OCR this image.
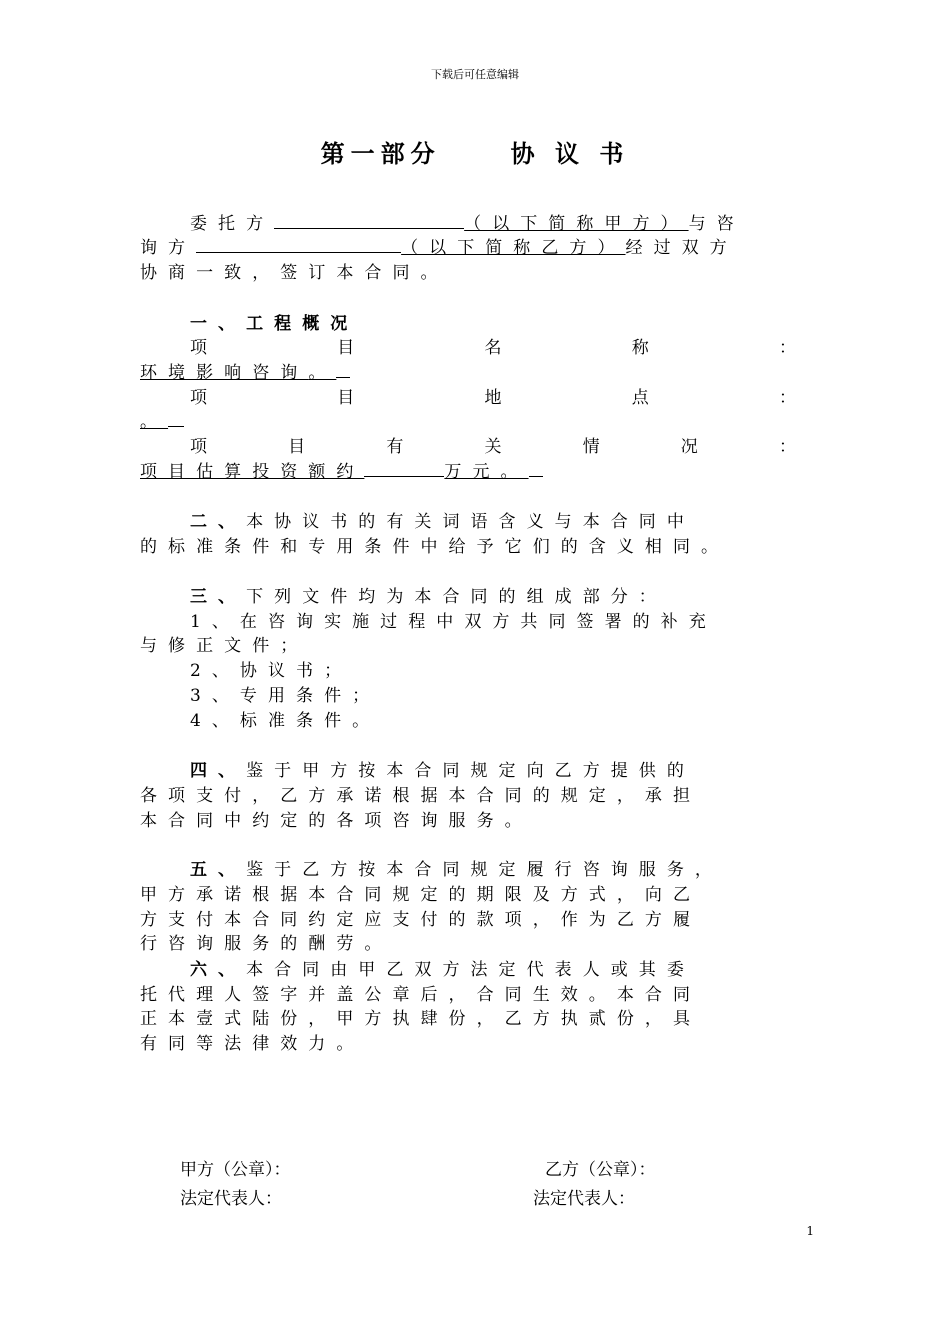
下载后可任意编辑
第一部分	协 议 书
委托方	（以下简称甲方）与咨
询方	（以下简称乙方）经过双方
协商一致，签订本合同。
一、工程概况
项	目	名	称	：
环境影响咨询。
项	目	地	点	：
。
项	目	有	关	情	况	：
项目估算投资额约	万元。
二、本协议书的有关词语含义与本合同中
的标准条件和专用条件中给予它们的含义相同。
三、下列文件均为本合同的组成部分：
1、在咨询实施过程中双方共同签署的补充
与修正文件；
2、协议书；
3、专用条件；
4、标准条件。
四、鉴于甲方按本合同规定向乙方提供的
各项支付，乙方承诺根据本合同的规定，承担
本合同中约定的各项咨询服务。
五、鉴于乙方按本合同规定履行咨询服务，
甲方承诺根据本合同规定的期限及方式，向乙
方支付本合同约定应支付的款项，作为乙方履
行咨询服务的酬劳。
六、本合同由甲乙双方法定代表人或其委
托代理人签字并盖公章后，合同生效。本合同
正本壹式陆份，甲方执肆份，乙方执贰份，具
有同等法律效力。
甲方（公章）：
法定代表人：
乙方（公章）：
法定代表人：
1
